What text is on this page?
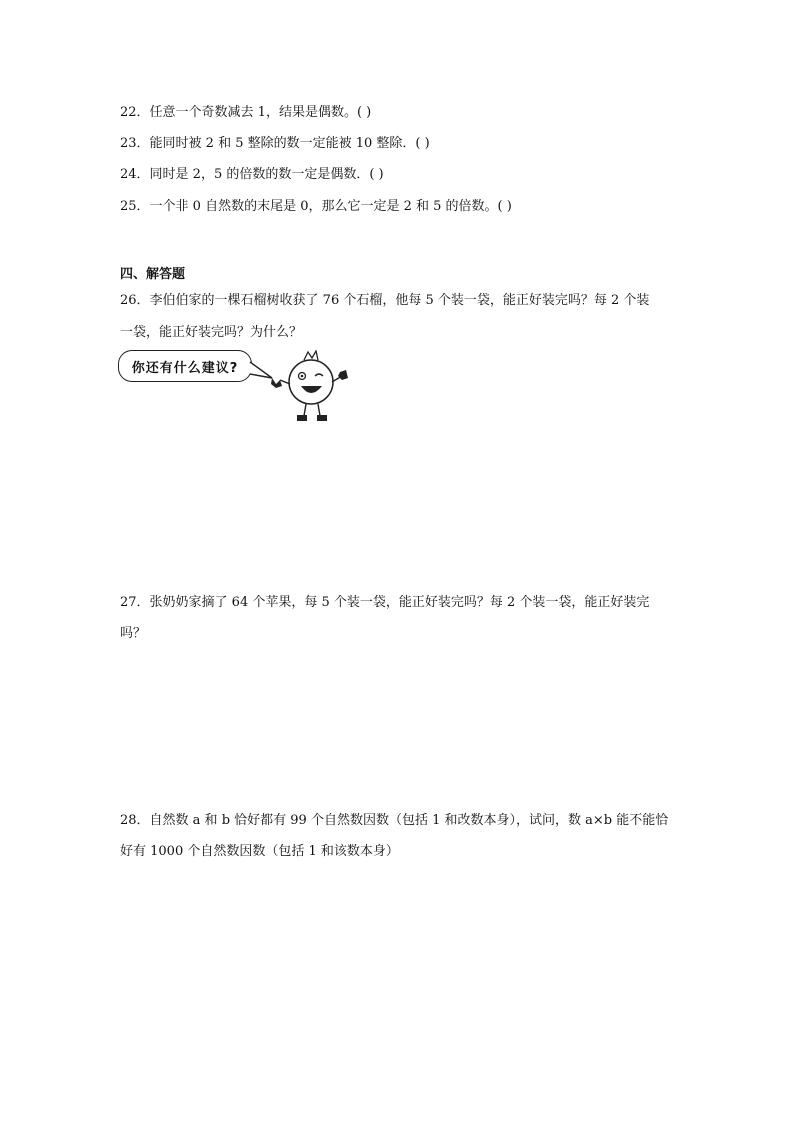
22．任意一个奇数减去 1，结果是偶数。( )
23．能同时被 2 和 5 整除的数一定能被 10 整除．( )
24．同时是 2，5 的倍数的数一定是偶数．( )
25．一个非 0 自然数的末尾是 0，那么它一定是 2 和 5 的倍数。( )
四、解答题
26．李伯伯家的一棵石榴树收获了 76 个石榴，他每 5 个装一袋，能正好装完吗？每 2 个装
一袋，能正好装完吗？为什么？
你还有什么建议?
27．张奶奶家摘了 64 个苹果，每 5 个装一袋，能正好装完吗？每 2 个装一袋，能正好装完
吗？
28．自然数 a 和 b 恰好都有 99 个自然数因数（包括 1 和改数本身），试问，数 a×b 能不能恰
好有 1000 个自然数因数（包括 1 和该数本身）
